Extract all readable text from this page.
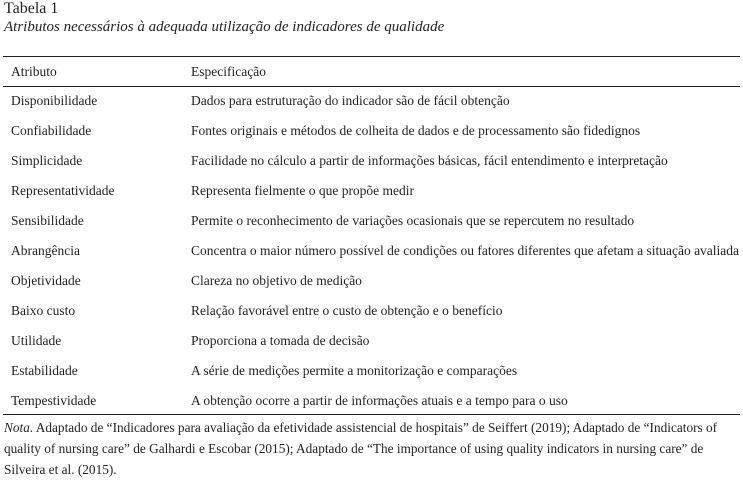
Tabela 1
Atributos necessários à adequada utilização de indicadores de qualidade
Atributo	Especificação
Disponibilidade	Dados para estruturação do indicador são de fácil obtenção
Confiabilidade	Fontes originais e métodos de colheita de dados e de processamento são fidedignos
Simplicidade	Facilidade no cálculo a partir de informações básicas, fácil entendimento e interpretação
Representatividade	Representa fielmente o que propõe medir
Sensibilidade	Permite o reconhecimento de variações ocasionais que se repercutem no resultado
Abrangência	Concentra o maior número possível de condições ou fatores diferentes que afetam a situação avaliada
Objetividade	Clareza no objetivo de medição
Baixo custo	Relação favorável entre o custo de obtenção e o benefício
Utilidade	Proporciona a tomada de decisão
Estabilidade	A série de medições permite a monitorização e comparações
Tempestividade	A obtenção ocorre a partir de informações atuais e a tempo para o uso
Nota. Adaptado de “Indicadores para avaliação da efetividade assistencial de hospitais” de Seiffert (2019); Adaptado de “Indicators of quality of nursing care” de Galhardi e Escobar (2015); Adaptado de “The importance of using quality indicators in nursing care” de Silveira et al. (2015).
